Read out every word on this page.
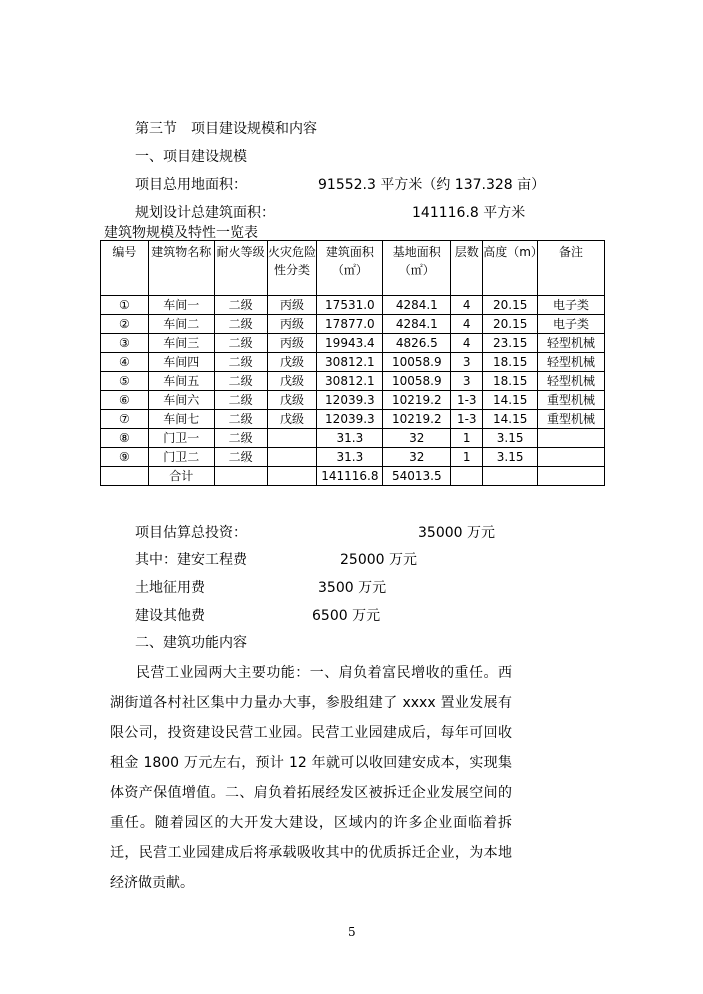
第三节　项目建设规模和内容
一、项目建设规模
项目总用地面积：	91552.3 平方米（约 137.328 亩）
规划设计总建筑面积：	141116.8 平方米
建筑物规模及特性一览表
编号	建筑物名称	耐火等级	火灾危险性分类	建筑面积（㎡）	基地面积（㎡）	层数	高度（m）	备注
①	车间一	二级	丙级	17531.0	4284.1	4	20.15	电子类
②	车间二	二级	丙级	17877.0	4284.1	4	20.15	电子类
③	车间三	二级	丙级	19943.4	4826.5	4	23.15	轻型机械
④	车间四	二级	戊级	30812.1	10058.9	3	18.15	轻型机械
⑤	车间五	二级	戊级	30812.1	10058.9	3	18.15	轻型机械
⑥	车间六	二级	戊级	12039.3	10219.2	1-3	14.15	重型机械
⑦	车间七	二级	戊级	12039.3	10219.2	1-3	14.15	重型机械
⑧	门卫一	二级		31.3	32	1	3.15	
⑨	门卫二	二级		31.3	32	1	3.15	
	合计			141116.8	54013.5			
项目估算总投资：	35000 万元
其中：建安工程费	25000 万元
土地征用费	3500 万元
建设其他费	6500 万元
二、建筑功能内容
民营工业园两大主要功能：一、肩负着富民增收的重任。西湖街道各村社区集中力量办大事，参股组建了 xxxx 置业发展有限公司，投资建设民营工业园。民营工业园建成后，每年可回收租金 1800 万元左右，预计 12 年就可以收回建安成本，实现集体资产保值增值。二、肩负着拓展经发区被拆迁企业发展空间的重任。随着园区的大开发大建设，区域内的许多企业面临着拆迁，民营工业园建成后将承载吸收其中的优质拆迁企业，为本地经济做贡献。
5
